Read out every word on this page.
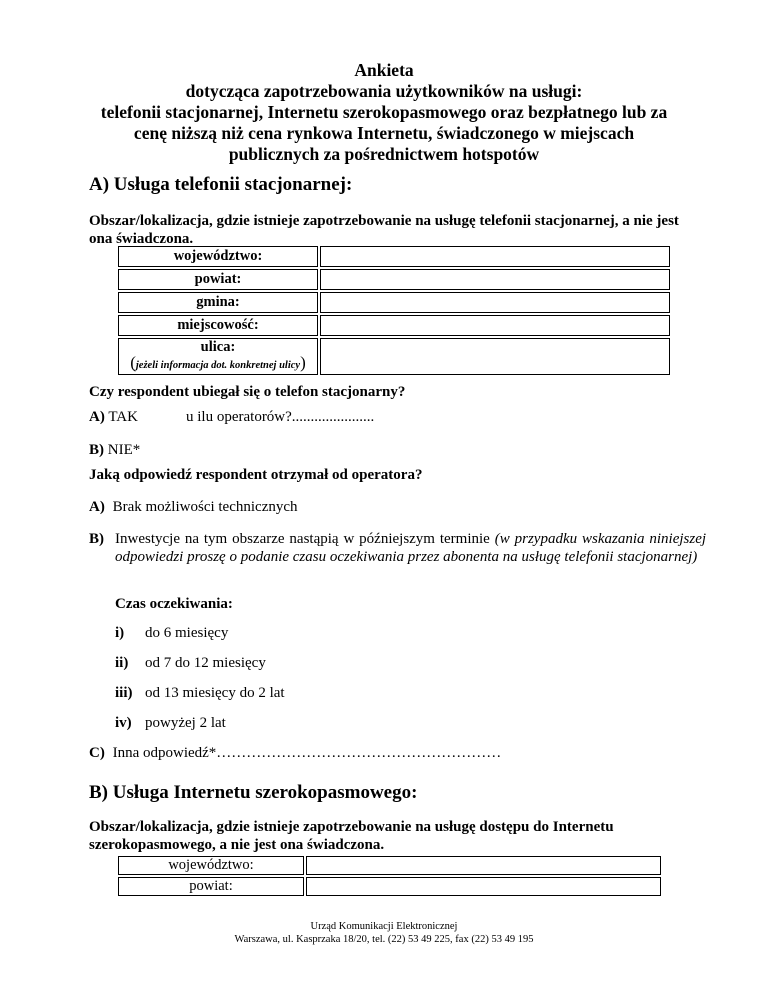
Ankieta
dotycząca zapotrzebowania użytkowników na usługi:
telefonii stacjonarnej, Internetu szerokopasmowego oraz bezpłatnego lub za
cenę niższą niż cena rynkowa Internetu, świadczonego w miejscach
publicznych za pośrednictwem hotspotów
A) Usługa telefonii stacjonarnej:
Obszar/lokalizacja, gdzie istnieje zapotrzebowanie na usługę telefonii stacjonarnej, a nie jest ona świadczona.
województwo:	
powiat:	
gmina:	
miejscowość:	

ulica:
(jeżeli informacja dot. konkretnej ulicy)	

Czy respondent ubiegał się o telefon stacjonarny?
A) TAK	u ilu operatorów?......................
B) NIE*
Jaką odpowiedź respondent otrzymał od operatora?
A) Brak możliwości technicznych
B) Inwestycje na tym obszarze nastąpią w późniejszym terminie (w przypadku wskazania niniejszej odpowiedzi proszę o podanie czasu oczekiwania przez abonenta na usługę telefonii stacjonarnej)
Czas oczekiwania:
i) do 6 miesięcy
ii) od 7 do 12 miesięcy
iii) od 13 miesięcy do 2 lat
iv) powyżej 2 lat
C) Inna odpowiedź*…………………………………………………
B) Usługa Internetu szerokopasmowego:
Obszar/lokalizacja, gdzie istnieje zapotrzebowanie na usługę dostępu do Internetu szerokopasmowego, a nie jest ona świadczona.
województwo:	
powiat:	
Urząd Komunikacji Elektronicznej
Warszawa, ul. Kasprzaka 18/20, tel. (22) 53 49 225, fax (22) 53 49 195
